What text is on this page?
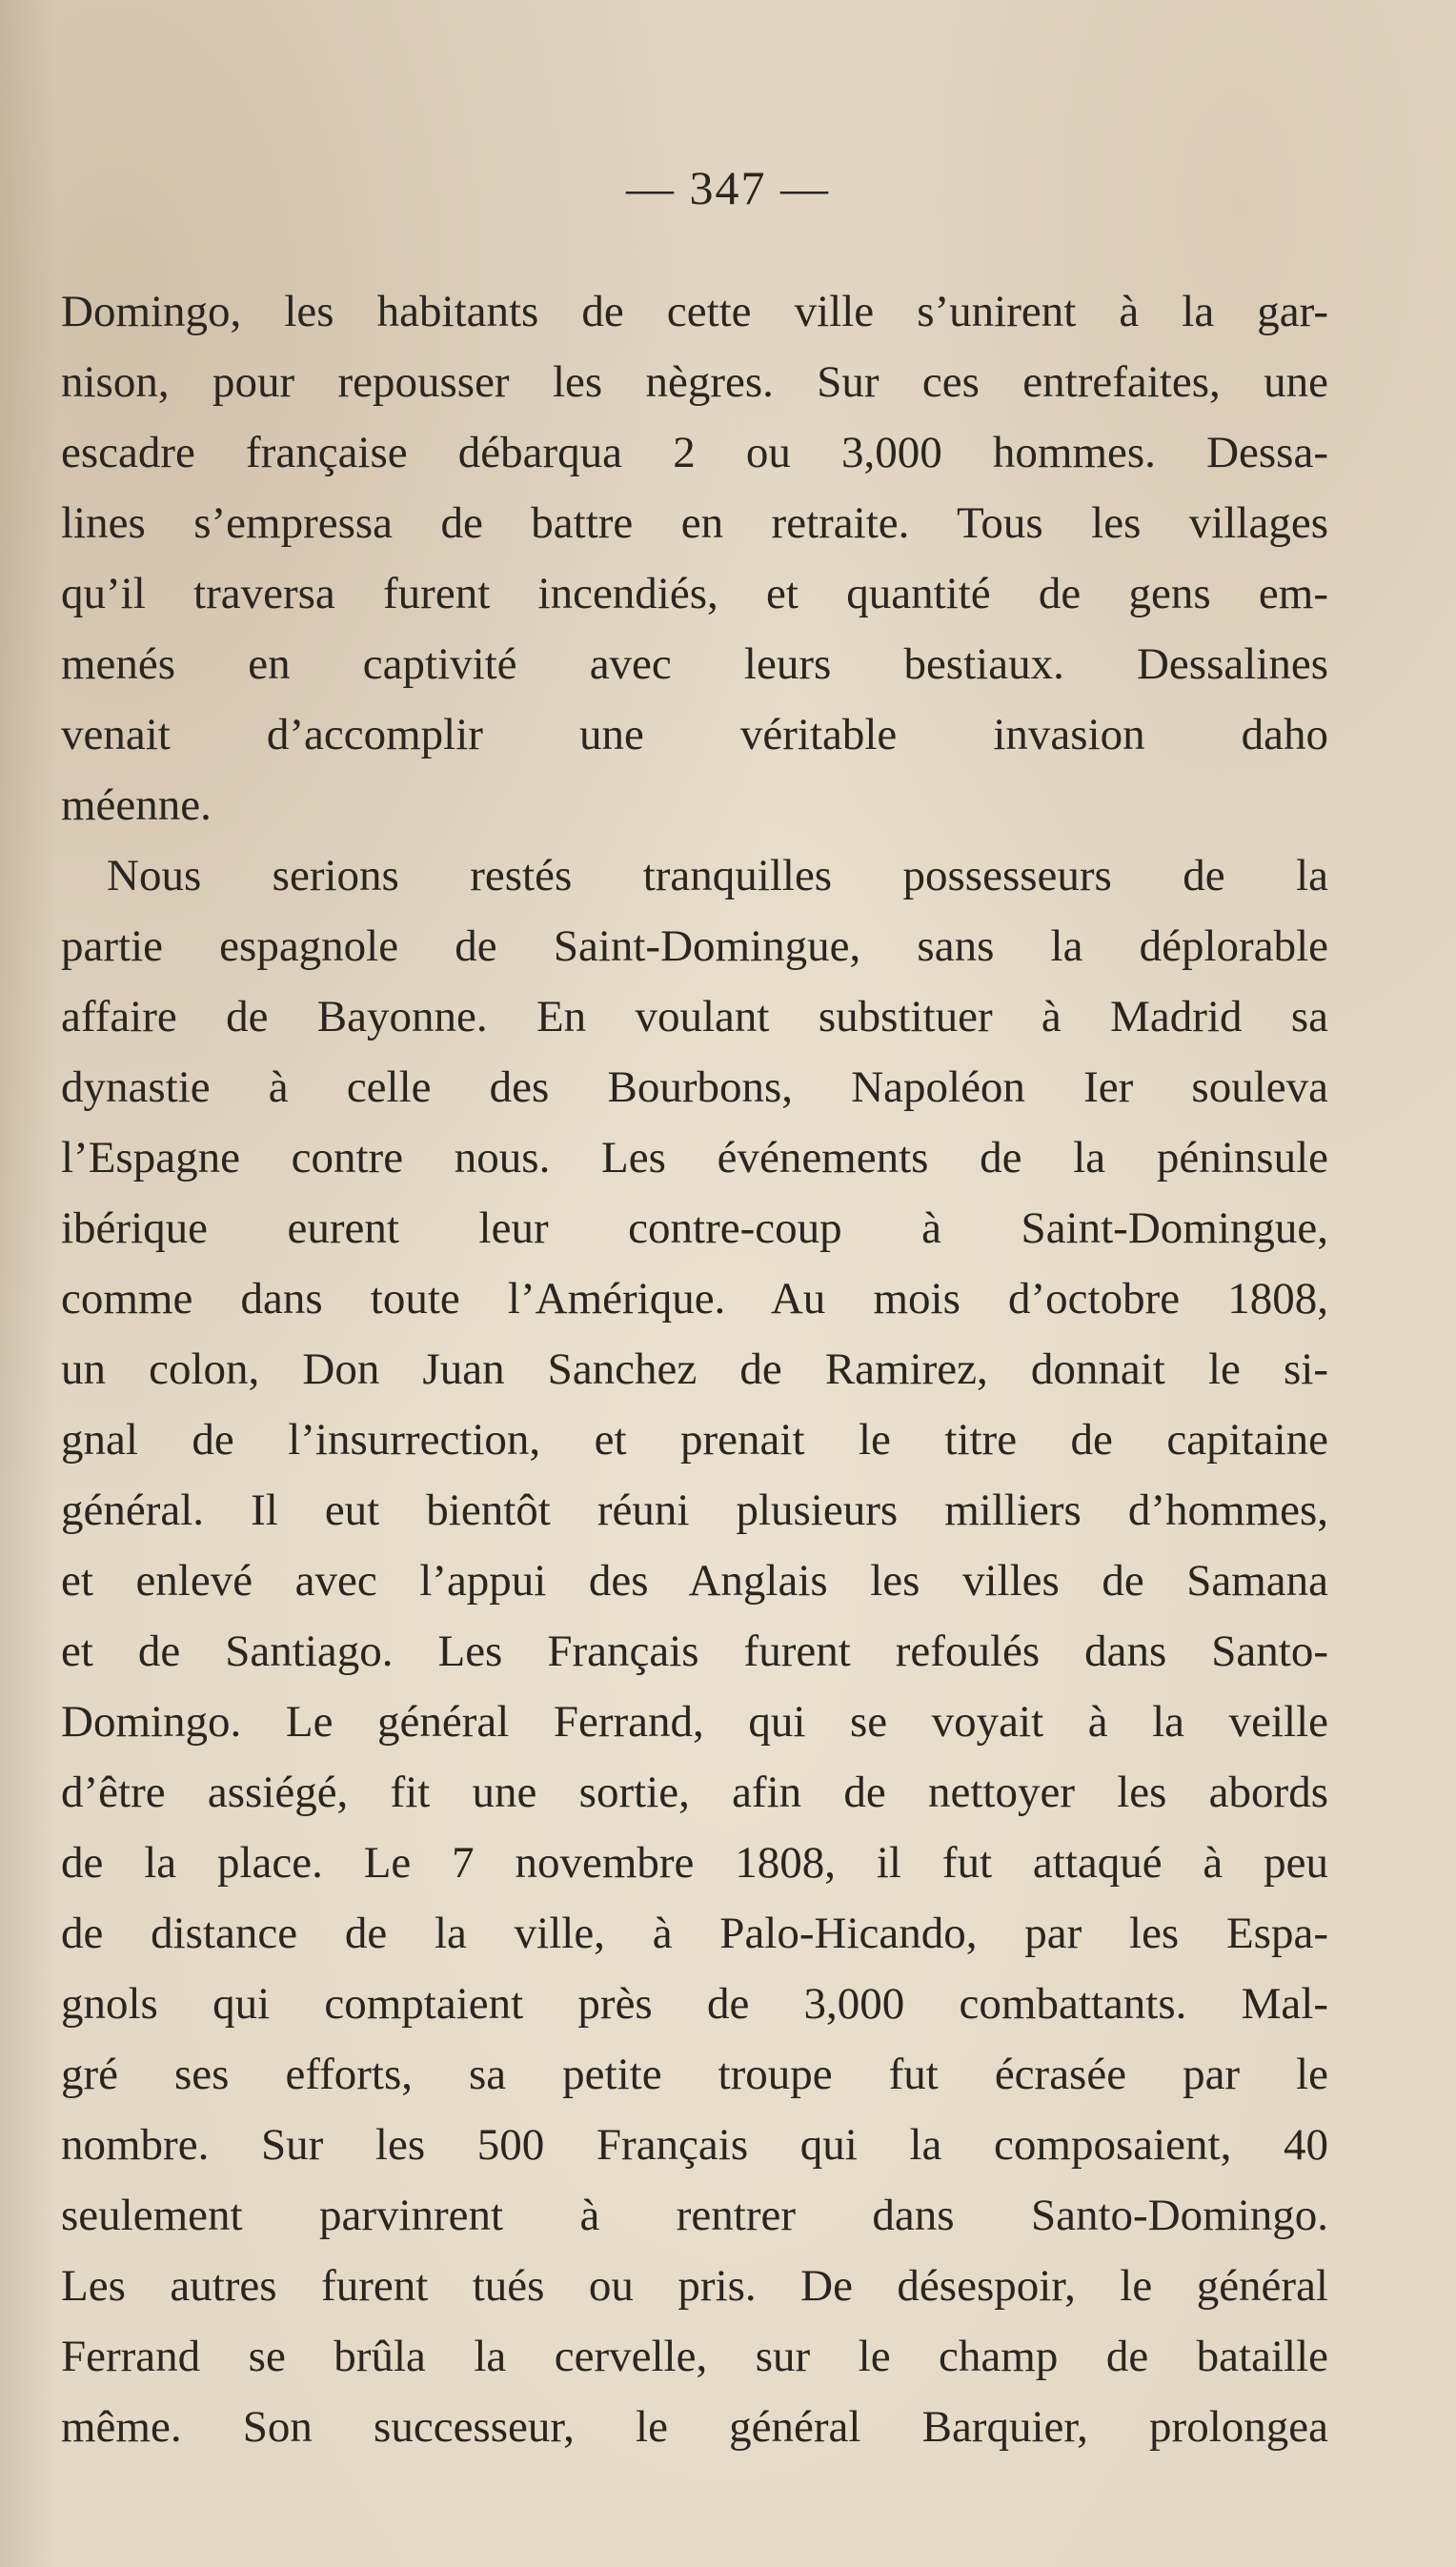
— 347 —
Domingo, les habitants de cette ville s’unirent à la gar-
nison, pour repousser les nègres. Sur ces entrefaites, une
escadre française débarqua 2 ou 3,000 hommes. Dessa-
lines s’empressa de battre en retraite. Tous les villages
qu’il traversa furent incendiés, et quantité de gens em-
menés en captivité avec leurs bestiaux. Dessalines
venait d’accomplir une véritable invasion daho
méenne.
Nous serions restés tranquilles possesseurs de la
partie espagnole de Saint-Domingue, sans la déplorable
affaire de Bayonne. En voulant substituer à Madrid sa
dynastie à celle des Bourbons, Napoléon Ier souleva
l’Espagne contre nous. Les événements de la péninsule
ibérique eurent leur contre-coup à Saint-Domingue,
comme dans toute l’Amérique. Au mois d’octobre 1808,
un colon, Don Juan Sanchez de Ramirez, donnait le si-
gnal de l’insurrection, et prenait le titre de capitaine
général. Il eut bientôt réuni plusieurs milliers d’hommes,
et enlevé avec l’appui des Anglais les villes de Samana
et de Santiago. Les Français furent refoulés dans Santo-
Domingo. Le général Ferrand, qui se voyait à la veille
d’être assiégé, fit une sortie, afin de nettoyer les abords
de la place. Le 7 novembre 1808, il fut attaqué à peu
de distance de la ville, à Palo-Hicando, par les Espa-
gnols qui comptaient près de 3,000 combattants. Mal-
gré ses efforts, sa petite troupe fut écrasée par le
nombre. Sur les 500 Français qui la composaient, 40
seulement parvinrent à rentrer dans Santo-Domingo.
Les autres furent tués ou pris. De désespoir, le général
Ferrand se brûla la cervelle, sur le champ de bataille
même. Son successeur, le général Barquier, prolongea
